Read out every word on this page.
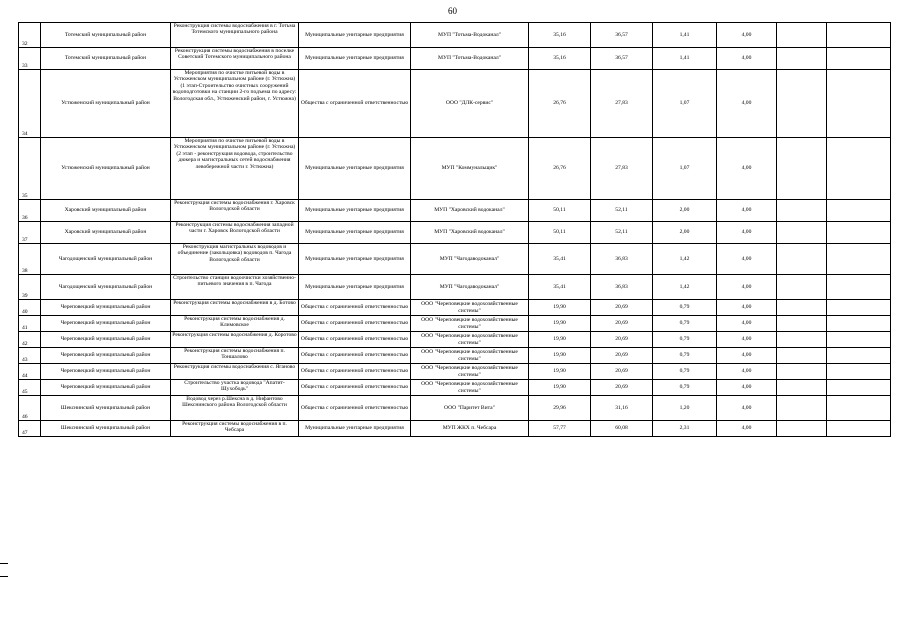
60
32	Тотемский муниципальный район	Реконструкция системы водоснабжения в г. Тотьма Тотемского муниципального района	Муниципальные унитарные предприятия	МУП "Тотьма-Водоканал"	35,16	36,57	1,41	4,00		
33	Тотемский муниципальный район	Реконструкция системы водоснабжения в поселке Советский Тотемского муниципального района	Муниципальные унитарные предприятия	МУП "Тотьма-Водоканал"	35,16	36,57	1,41	4,00		
34	Устюженский муниципальный район	Мероприятия по очистке питьевой воды в Устюженском муниципальном районе (г. Устюжна) (1 этап-Строительство очистных сооружений водоподготовки на станции 2-го подъема по адресу: Вологодская обл., Устюженский район, г. Устюжна)	Общества с ограниченной ответственностью	ООО "ДЛК-сервис"	26,76	27,83	1,07	4,00		
35	Устюженский муниципальный район	Мероприятия по очистке питьевой воды в Устюженском муниципальном районе (г. Устюжна) (2 этап - реконструкция водовода, строительство дюкера и магистральных сетей водоснабжения левобережной части г. Устюжна)	Муниципальные унитарные предприятия	МУП "Коммунальщик"	26,76	27,83	1,07	4,00		
36	Харовский муниципальный район	Реконструкция системы водоснабжения г. Харовск Вологодской области	Муниципальные унитарные предприятия	МУП "Харовский водоканал"	50,11	52,11	2,00	4,00		
37	Харовский муниципальный район	Реконструкция системы водоснабжения западной части г. Харовск Вологодской области	Муниципальные унитарные предприятия	МУП "Харовский водоканал"	50,11	52,11	2,00	4,00		
38	Чагодощенский муниципальный район	Реконструкция магистральных водоводов и объединение (закольцовка) водоводов п. Чагода Вологодской области	Муниципальные унитарные предприятия	МУП "Чагодаводоканал"	35,41	36,83	1,42	4,00		
39	Чагодощенский муниципальный район	Строительство станции водоочистки хозяйственно-питьевого значения в п. Чагода	Муниципальные унитарные предприятия	МУП "Чагодаводоканал"	35,41	36,83	1,42	4,00		
40	Череповецкий муниципальный район	Реконструкция системы водоснабжения в д. Ботово	Общества с ограниченной ответственностью	ООО "Череповецкие водохозяйственные системы"	19,90	20,69	0,79	4,00		
41	Череповецкий муниципальный район	Реконструкция системы водоснабжения д. Климовское	Общества с ограниченной ответственностью	ООО "Череповецкие водохозяйственные системы"	19,90	20,69	0,79	4,00		
42	Череповецкий муниципальный район	Реконструкция системы водоснабжения д. Коротово	Общества с ограниченной ответственностью	ООО "Череповецкие водохозяйственные системы"	19,90	20,69	0,79	4,00		
43	Череповецкий муниципальный район	Реконструкция системы водоснабжения п. Тоншалово	Общества с ограниченной ответственностью	ООО "Череповецкие водохозяйственные системы"	19,90	20,69	0,79	4,00		
44	Череповецкий муниципальный район	Реконструкция системы водоснабжения с. Яганово	Общества с ограниченной ответственностью	ООО "Череповецкие водохозяйственные системы"	19,90	20,69	0,79	4,00		
45	Череповецкий муниципальный район	Строительство участка водовода "Апатит-Шухободь"	Общества с ограниченной ответственностью	ООО "Череповецкие водохозяйственные системы"	19,90	20,69	0,79	4,00		
46	Шекснинский муниципальный район	Водовод через р.Шексна в д. Нифантово Шекснинского района Вологодской области	Общества с ограниченной ответственностью	ООО "Паритет Вита"	29,96	31,16	1,20	4,00		
47	Шекснинский муниципальный район	Реконструкция системы водоснабжения в п. Чебсара	Муниципальные унитарные предприятия	МУП ЖКХ п. Чебсара	57,77	60,08	2,31	4,00		
